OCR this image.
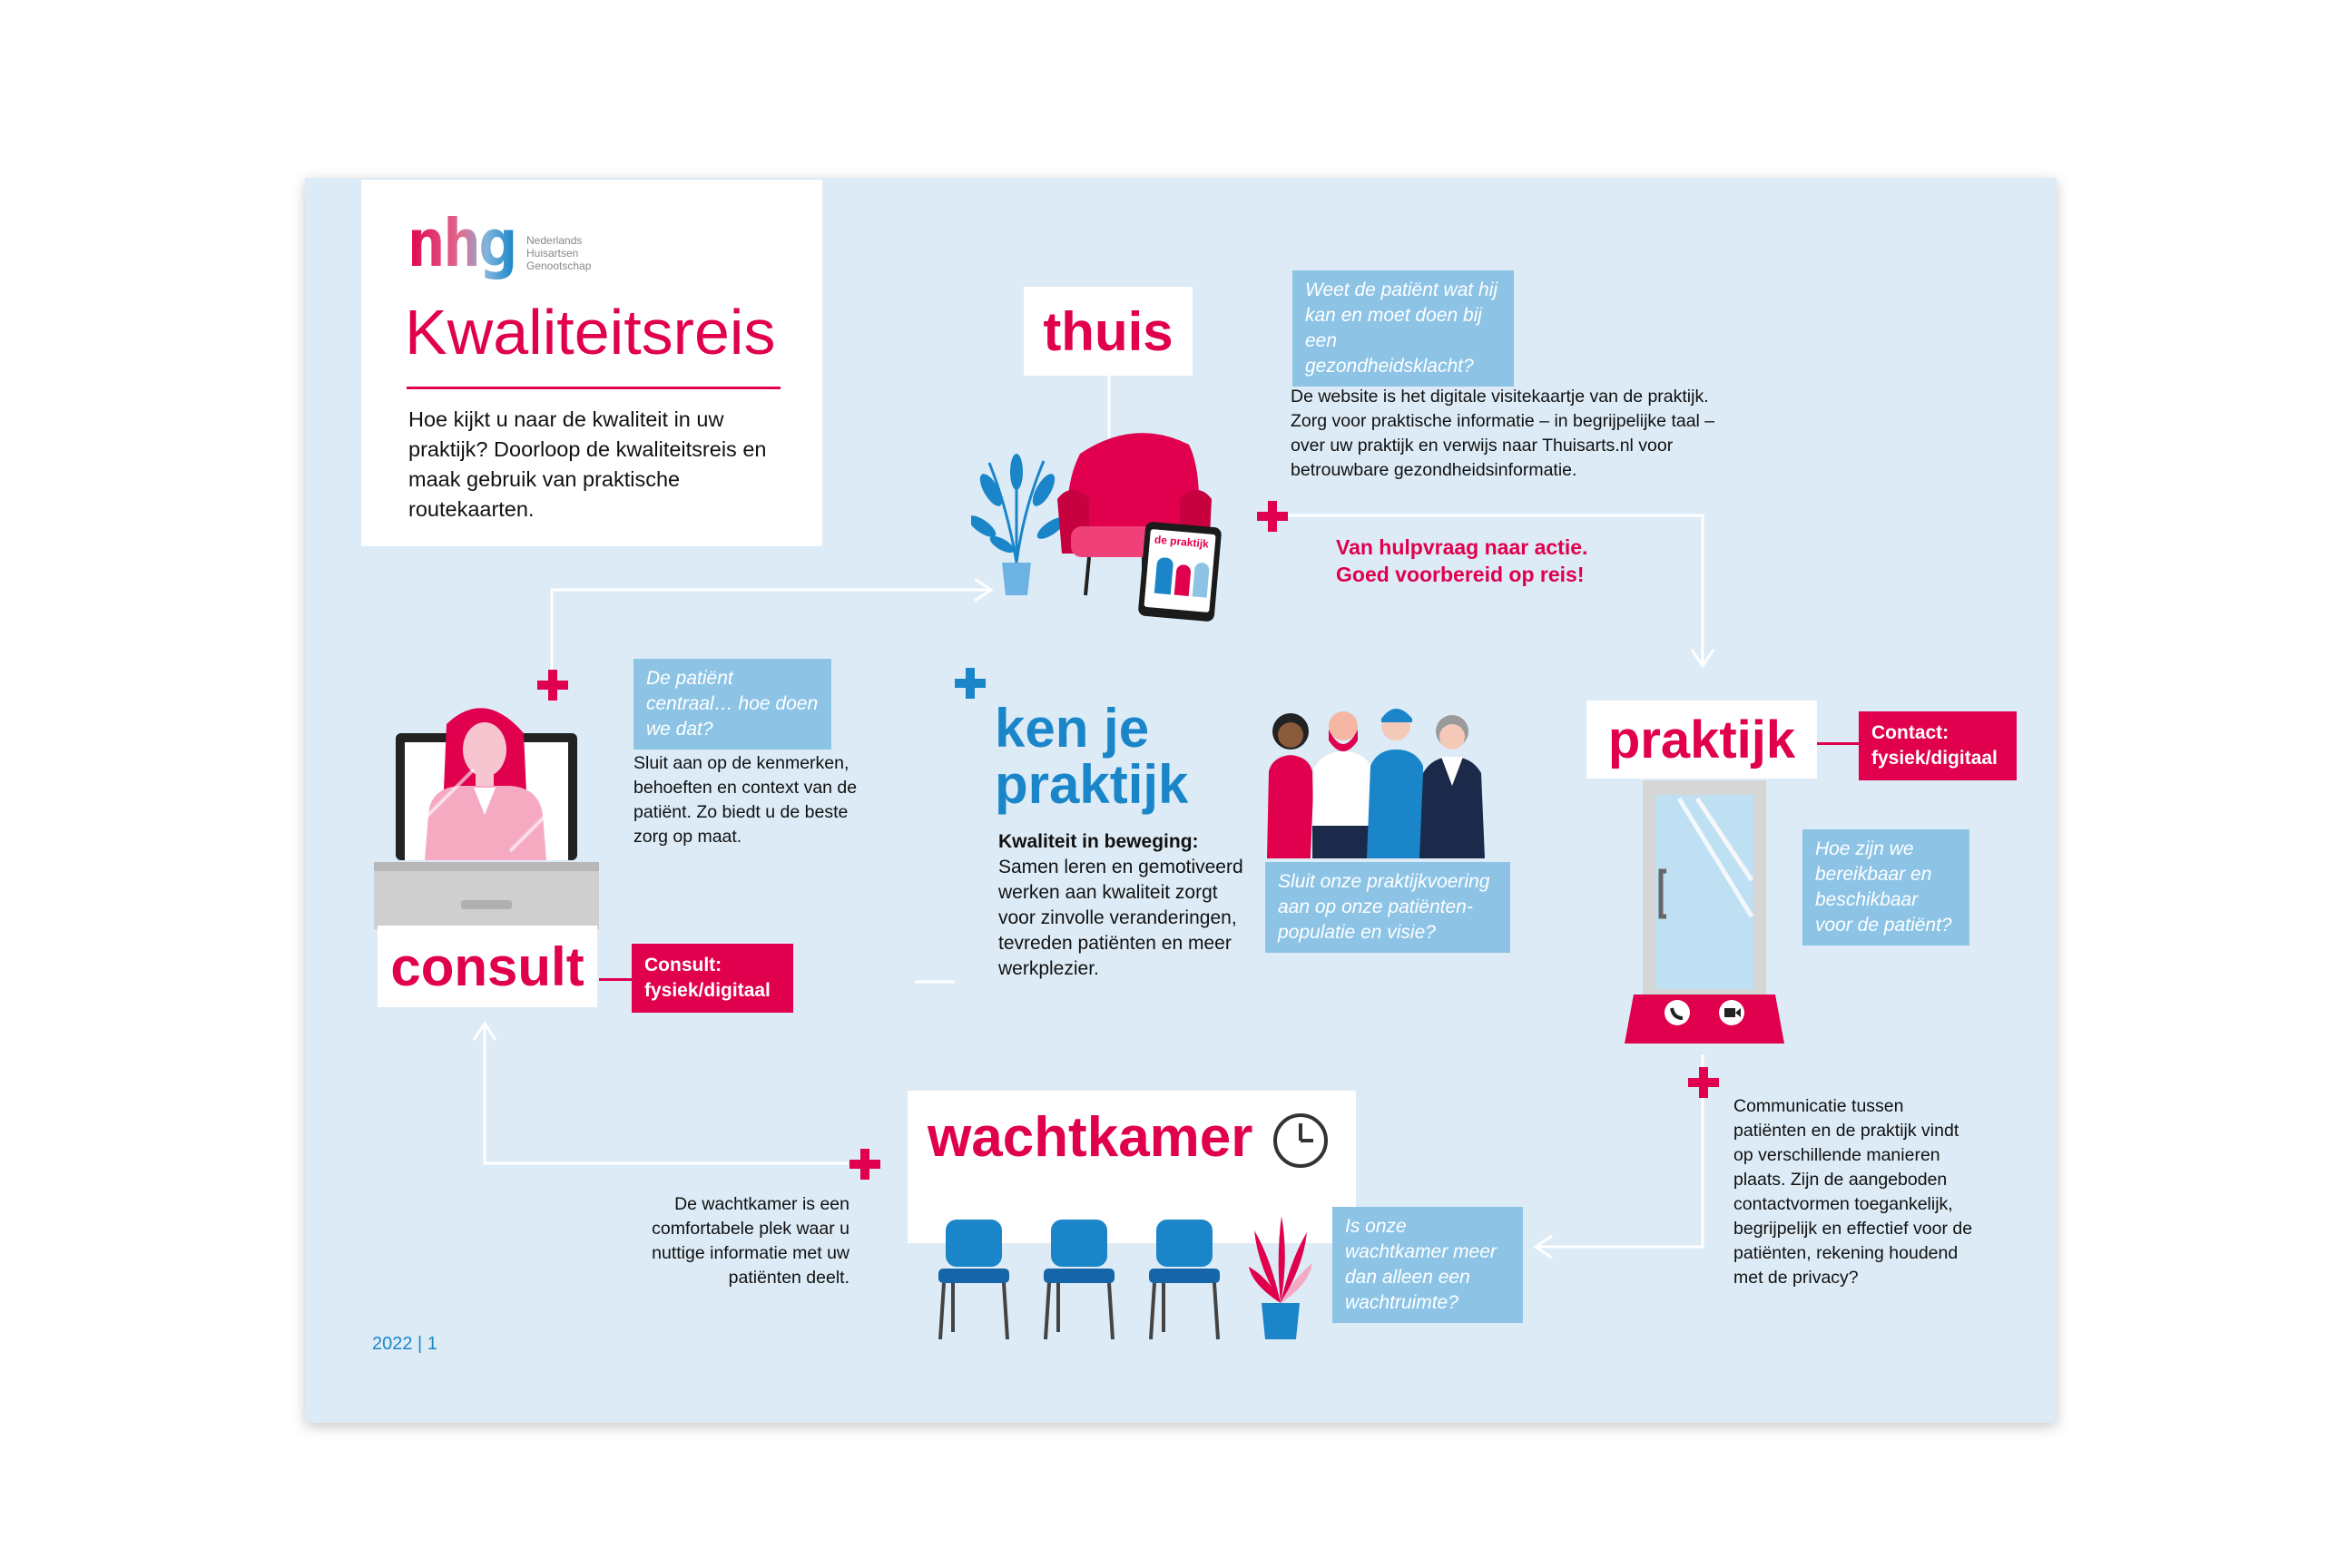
nhg	Nederlands
Huisartsen
Genootschap
Kwaliteitsreis
Hoe kijkt u naar de kwaliteit in uw praktijk? Doorloop de kwaliteitsreis en maak gebruik van praktische routekaarten.
thuis
Weet de patiënt wat hij kan en moet doen bij een gezondheidsklacht?
De website is het digitale visitekaartje van de praktijk. Zorg voor praktische informatie – in begrijpelijke taal – over uw praktijk en verwijs naar Thuisarts.nl voor betrouwbare gezondheidsinformatie.
Van hulpvraag naar actie.
Goed voorbereid op reis!
de praktijk
De patiënt centraal… hoe doen we dat?
Sluit aan op de kenmerken, behoeften en context van de patiënt. Zo biedt u de beste zorg op maat.
consult	Consult:
fysiek/digitaal
ken je
praktijk
Kwaliteit in beweging:
Samen leren en gemotiveerd werken aan kwaliteit zorgt voor zinvolle veranderingen, tevreden patiënten en meer werkplezier.
Sluit onze praktijkvoering aan op onze patiënten-populatie en visie?
praktijk	Contact:
fysiek/digitaal
Hoe zijn we bereikbaar en beschikbaar voor de patiënt?
Communicatie tussen patiënten en de praktijk vindt op verschillende manieren plaats. Zijn de aangeboden contactvormen toegankelijk, begrijpelijk en effectief voor de patiënten, rekening houdend met de privacy?
wachtkamer
De wachtkamer is een comfortabele plek waar u nuttige informatie met uw patiënten deelt.
Is onze wachtkamer meer dan alleen een wachtruimte?
2022 | 1
